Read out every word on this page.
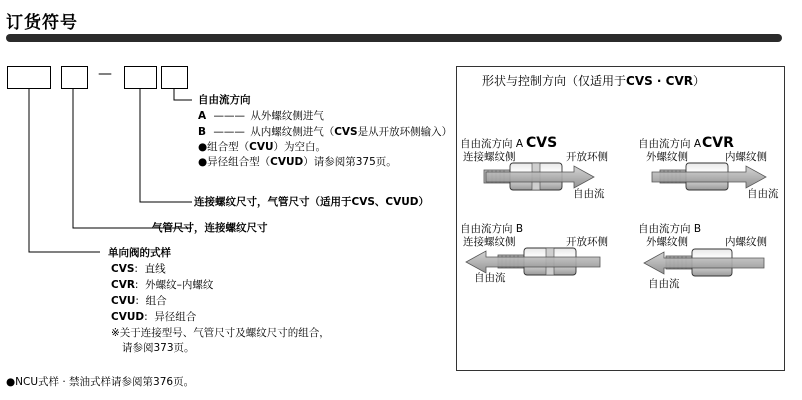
订货符号
—
自由流方向
A ——— 从外螺纹侧进气
B ——— 从内螺纹侧进气（CVS是从开放环侧输入）
●组合型（CVU）为空白。
●异径组合型（CVUD）请参阅第375页。
连接螺纹尺寸，气管尺寸（适用于CVS、CVUD）
气管尺寸，连接螺纹尺寸
单向阀的式样
CVS:  直线
CVR:  外螺纹–内螺纹
CVU:  组合
CVUD:  异径组合
※关于连接型号、气管尺寸及螺纹尺寸的组合，
请参阅373页。
●NCU式样 · 禁油式样请参阅第376页。
形状与控制方向（仅适用于CVS · CVR）
自由流方向 A
连接螺纹侧
CVS
开放环侧
自由流
自由流方向 A
外螺纹侧
CVR
内螺纹侧
自由流
自由流方向 B
连接螺纹侧	开放环侧
自由流
自由流方向 B
外螺纹侧	内螺纹侧
自由流
